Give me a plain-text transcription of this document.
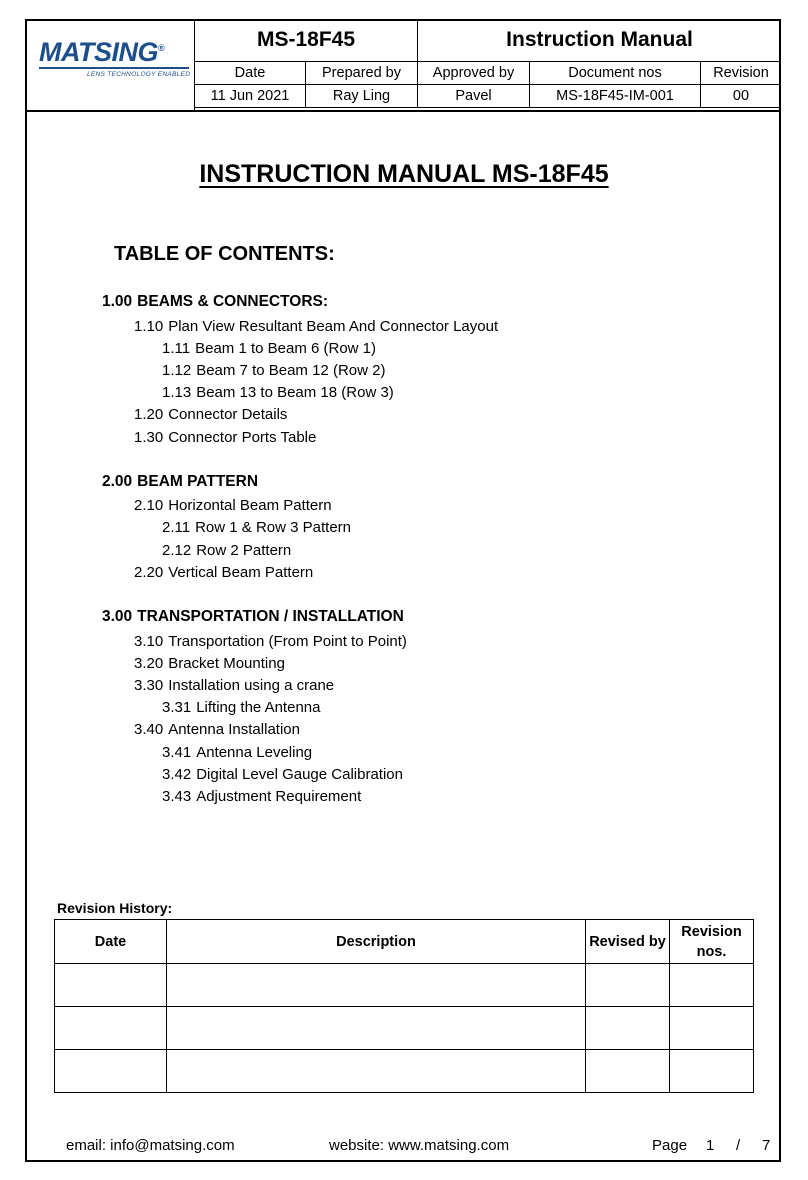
MATSING®
LENS TECHNOLOGY ENABLED
MS-18F45		Instruction Manual		
Date	Prepared by	Approved by	Document nos	Revision
11 Jun 2021	Ray Ling	Pavel	MS-18F45-IM-001	00
INSTRUCTION MANUAL MS-18F45
TABLE OF CONTENTS:
1.00 BEAMS & CONNECTORS:
1.10 Plan View Resultant Beam And Connector Layout
1.11 Beam 1 to Beam 6 (Row 1)
1.12 Beam 7 to Beam 12 (Row 2)
1.13 Beam 13 to Beam 18 (Row 3)
1.20 Connector Details
1.30 Connector Ports Table
2.00 BEAM PATTERN
2.10 Horizontal Beam Pattern
2.11 Row 1 & Row 3 Pattern
2.12 Row 2 Pattern
2.20 Vertical Beam Pattern
3.00 TRANSPORTATION / INSTALLATION
3.10 Transportation (From Point to Point)
3.20 Bracket Mounting
3.30 Installation using a crane
3.31 Lifting the Antenna
3.40 Antenna Installation
3.41 Antenna Leveling
3.42 Digital Level Gauge Calibration
3.43 Adjustment Requirement
Revision History:
Date	Description	Revised by	Revision nos.

email: info@matsing.com	website: www.matsing.com	Page 1 / 7
